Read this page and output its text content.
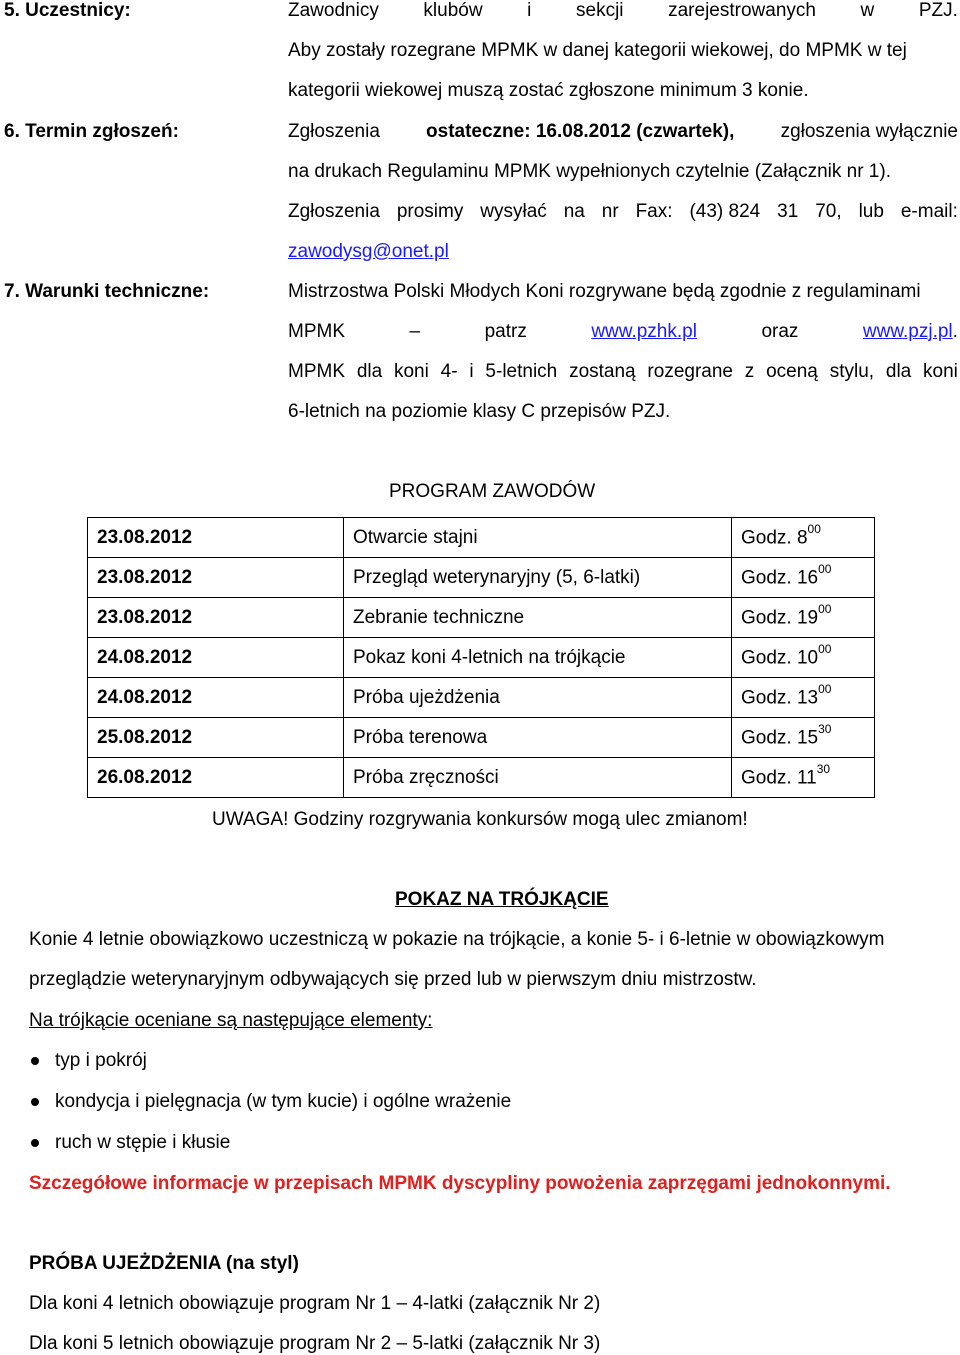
5. Uczestnicy:	Zawodnicy klubów i sekcji zarejestrowanych w PZJ.
Aby zostały rozegrane MPMK w danej kategorii wiekowej, do MPMK w tej
kategorii wiekowej muszą zostać zgłoszone minimum 3 konie.
6. Termin zgłoszeń:	Zgłoszenia ostateczne: 16.08.2012 (czwartek), zgłoszenia wyłącznie
na drukach Regulaminu MPMK wypełnionych czytelnie (Załącznik nr 1).
Zgłoszenia prosimy wysyłać na nr Fax: (43) 824 31 70, lub e-mail:
zawodysg@onet.pl
7. Warunki techniczne:	Mistrzostwa Polski Młodych Koni rozgrywane będą zgodnie z regulaminami
MPMK	–	patrz	www.pzhk.pl	oraz	www.pzj.pl.
MPMK dla koni 4- i 5-letnich zostaną rozegrane z oceną stylu, dla koni
6-letnich na poziomie klasy C przepisów PZJ.
PROGRAM ZAWODÓW
23.08.2012	Otwarcie stajni	Godz. $8^{00}$
23.08.2012	Przegląd weterynaryjny (5, 6-latki)	Godz. $16^{00}$
23.08.2012	Zebranie techniczne	Godz. $19^{00}$
24.08.2012	Pokaz koni 4-letnich na trójkącie	Godz. $10^{00}$
24.08.2012	Próba ujeżdżenia	Godz. $13^{00}$
25.08.2012	Próba terenowa	Godz. $15^{30}$
26.08.2012	Próba zręczności	Godz. $11^{30}$
UWAGA! Godziny rozgrywania konkursów mogą ulec zmianom!
POKAZ NA TRÓJKĄCIE
Konie 4 letnie obowiązkowo uczestniczą w pokazie na trójkącie, a konie 5- i 6-letnie w obowiązkowym
przeglądzie weterynaryjnym odbywających się przed lub w pierwszym dniu mistrzostw.
Na trójkącie oceniane są następujące elementy:
typ i pokrój
kondycja i pielęgnacja (w tym kucie) i ogólne wrażenie
ruch w stępie i kłusie
Szczegółowe informacje w przepisach MPMK dyscypliny powożenia zaprzęgami jednokonnymi.
PRÓBA UJEŻDŻENIA (na styl)
Dla koni 4 letnich obowiązuje program Nr 1 – 4-latki (załącznik Nr 2)
Dla koni 5 letnich obowiązuje program Nr 2 – 5-latki (załącznik Nr 3)
